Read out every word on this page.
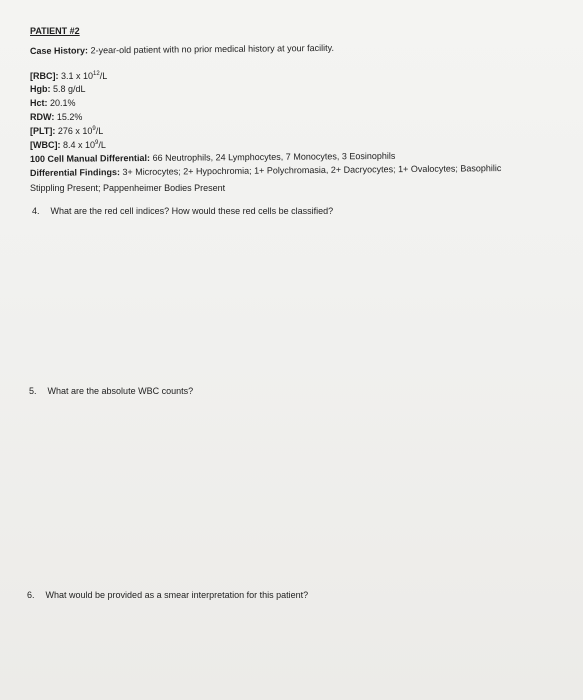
PATIENT #2
Case History: 2-year-old patient with no prior medical history at your facility.
[RBC]: 3.1 x $10^{12}/L$
Hgb: 5.8 g/dL
Hct: 20.1%
RDW: 15.2%
[PLT]: 276 x $10^9/L$
[WBC]: 8.4 x $10^9/L$
100 Cell Manual Differential: 66 Neutrophils, 24 Lymphocytes, 7 Monocytes, 3 Eosinophils
Differential Findings: 3+ Microcytes; 2+ Hypochromia; 1+ Polychromasia, 2+ Dacryocytes; 1+ Ovalocytes; Basophilic
Stippling Present; Pappenheimer Bodies Present
4. What are the red cell indices? How would these red cells be classified?
5. What are the absolute WBC counts?
6. What would be provided as a smear interpretation for this patient?
